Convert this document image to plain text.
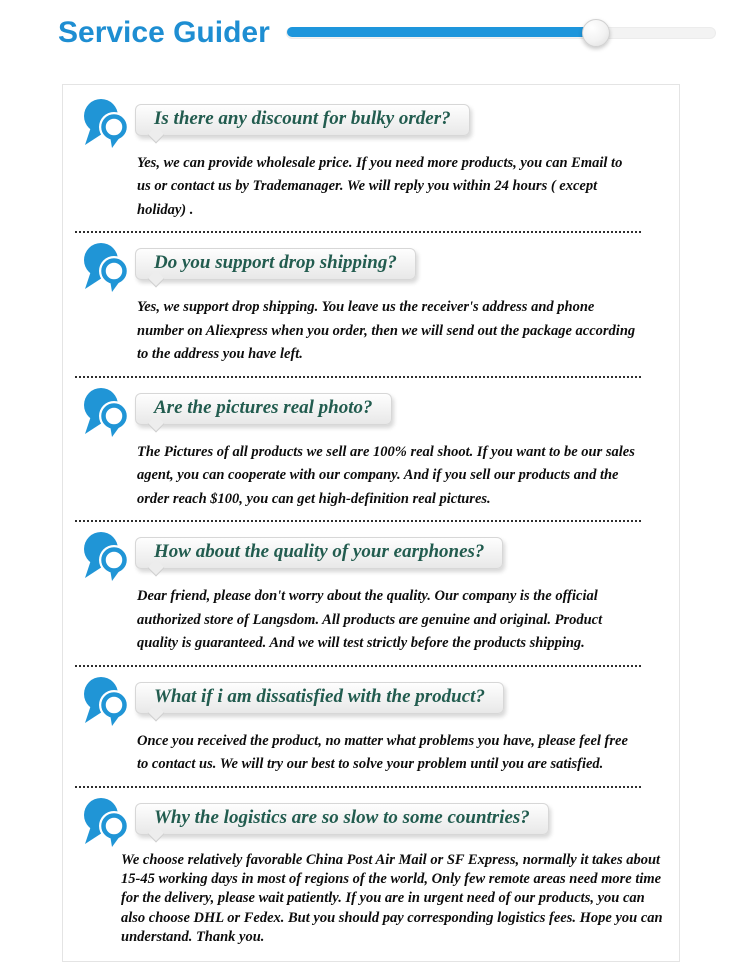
Service Guider
Is there any discount for bulky order?
Yes, we can provide wholesale price. If you need more products, you can Email to us or contact us by Trademanager. We will reply you within 24 hours ( except holiday) .
Do you support drop shipping?
Yes, we support drop shipping. You leave us the receiver's address and phone number on Aliexpress when you order, then we will send out the package according to the address you have left.
Are the pictures real photo?
The Pictures of all products we sell are 100% real shoot. If you want to be our sales agent, you can cooperate with our company. And if you sell our products and the order reach $100, you can get high-definition real pictures.
How about the quality of your earphones?
Dear friend, please don't worry about the quality. Our company is the official authorized store of Langsdom. All products are genuine and original. Product quality is guaranteed. And we will test strictly before the products shipping.
What if i am dissatisfied with the product?
Once you received the product, no matter what problems you have, please feel free to contact us. We will try our best to solve your problem until you are satisfied.
Why the logistics are so slow to some countries?
We choose relatively favorable China Post Air Mail or SF Express, normally it takes about 15-45 working days in most of regions of the world, Only few remote areas need more time for the delivery, please wait patiently. If you are in urgent need of our products, you can also choose DHL or Fedex. But you should pay corresponding logistics fees. Hope you can understand. Thank you.
